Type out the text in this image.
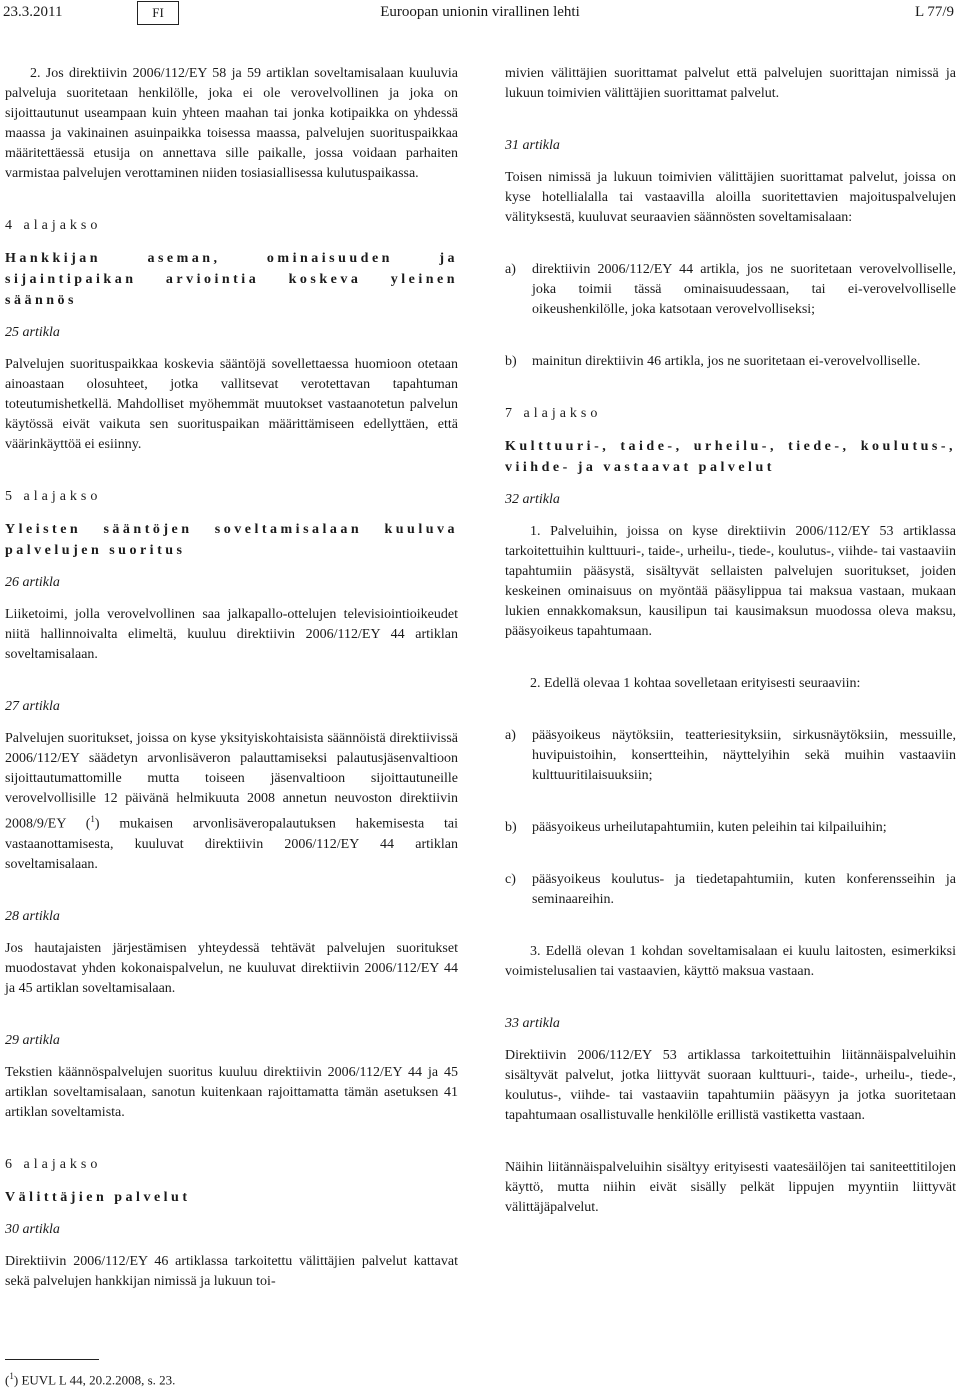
23.3.2011	FI	Euroopan unionin virallinen lehti	L 77/9

2. Jos direktiivin 2006/112/EY 58 ja 59 artiklan soveltamisalaan kuuluvia palveluja suoritetaan henkilölle, joka ei ole verovelvollinen ja joka on sijoittautunut useampaan kuin yhteen maahan tai jonka kotipaikka on yhdessä maassa ja vakinainen asuinpaikka toisessa maassa, palvelujen suorituspaikkaa määritettäessä etusija on annettava sille paikalle, jossa voidaan parhaiten varmistaa palvelujen verottaminen niiden tosiasiallisessa kulutuspaikassa.

4 alajakso

Hankkijan aseman, ominaisuuden ja sijaintipaikan arviointia koskeva yleinen säännös

25 artikla

Palvelujen suorituspaikkaa koskevia sääntöjä sovellettaessa huomioon otetaan ainoastaan olosuhteet, jotka vallitsevat verotettavan tapahtuman toteutumishetkellä. Mahdolliset myöhemmät muutokset vastaanotetun palvelun käytössä eivät vaikuta sen suorituspaikan määrittämiseen edellyttäen, että väärinkäyttöä ei esiinny.

5 alajakso

Yleisten sääntöjen soveltamisalaan kuuluva palvelujen suoritus

26 artikla

Liiketoimi, jolla verovelvollinen saa jalkapallo-ottelujen televisiointioikeudet niitä hallinnoivalta elimeltä, kuuluu direktiivin 2006/112/EY 44 artiklan soveltamisalaan.

27 artikla

Palvelujen suoritukset, joissa on kyse yksityiskohtaisista säännöistä direktiivissä 2006/112/EY säädetyn arvonlisäveron palauttamiseksi palautusjäsenvaltioon sijoittautumattomille mutta toiseen jäsenvaltioon sijoittautuneille verovelvollisille 12 päivänä helmikuuta 2008 annetun neuvoston direktiivin 2008/9/EY ($^1$) mukaisen arvonlisäveropalautuksen hakemisesta tai vastaanottamisesta, kuuluvat direktiivin 2006/112/EY 44 artiklan soveltamisalaan.

28 artikla

Jos hautajaisten järjestämisen yhteydessä tehtävät palvelujen suoritukset muodostavat yhden kokonaispalvelun, ne kuuluvat direktiivin 2006/112/EY 44 ja 45 artiklan soveltamisalaan.

29 artikla

Tekstien käännöspalvelujen suoritus kuuluu direktiivin 2006/112/EY 44 ja 45 artiklan soveltamisalaan, sanotun kuitenkaan rajoittamatta tämän asetuksen 41 artiklan soveltamista.

6 alajakso

Välittäjien palvelut

30 artikla

Direktiivin 2006/112/EY 46 artiklassa tarkoitettu välittäjien palvelut kattavat sekä palvelujen hankkijan nimissä ja lukuun toi-

mivien välittäjien suorittamat palvelut että palvelujen suorittajan nimissä ja lukuun toimivien välittäjien suorittamat palvelut.

31 artikla

Toisen nimissä ja lukuun toimivien välittäjien suorittamat palvelut, joissa on kyse hotellialalla tai vastaavilla aloilla suoritettavien majoituspalvelujen välityksestä, kuuluvat seuraavien säännösten soveltamisalaan:

a)	direktiivin 2006/112/EY 44 artikla, jos ne suoritetaan verovelvolliselle, joka toimii tässä ominaisuudessaan, tai ei-verovelvolliselle oikeushenkilölle, joka katsotaan verovelvolliseksi;
b)	mainitun direktiivin 46 artikla, jos ne suoritetaan ei-verovelvolliselle.

7 alajakso

Kulttuuri-, taide-, urheilu-, tiede-, koulutus-, viihde- ja vastaavat palvelut

32 artikla

1. Palveluihin, joissa on kyse direktiivin 2006/112/EY 53 artiklassa tarkoitettuihin kulttuuri-, taide-, urheilu-, tiede-, koulutus-, viihde- tai vastaaviin tapahtumiin pääsystä, sisältyvät sellaisten palvelujen suoritukset, joiden keskeinen ominaisuus on myöntää pääsylippua tai maksua vastaan, mukaan lukien ennakkomaksun, kausilipun tai kausimaksun muodossa oleva maksu, pääsyoikeus tapahtumaan.

2. Edellä olevaa 1 kohtaa sovelletaan erityisesti seuraaviin:

a)	pääsyoikeus näytöksiin, teatteriesityksiin, sirkusnäytöksiin, messuille, huvipuistoihin, konsertteihin, näyttelyihin sekä muihin vastaaviin kulttuuritilaisuuksiin;
b)	pääsyoikeus urheilutapahtumiin, kuten peleihin tai kilpailuihin;
c)	pääsyoikeus koulutus- ja tiedetapahtumiin, kuten konferensseihin ja seminaareihin.

3. Edellä olevan 1 kohdan soveltamisalaan ei kuulu laitosten, esimerkiksi voimistelusalien tai vastaavien, käyttö maksua vastaan.

33 artikla

Direktiivin 2006/112/EY 53 artiklassa tarkoitettuihin liitännäispalveluihin sisältyvät palvelut, jotka liittyvät suoraan kulttuuri-, taide-, urheilu-, tiede-, koulutus-, viihde- tai vastaaviin tapahtumiin pääsyyn ja jotka suoritetaan tapahtumaan osallistuvalle henkilölle erillistä vastiketta vastaan.

Näihin liitännäispalveluihin sisältyy erityisesti vaatesäilöjen tai saniteettitilojen käyttö, mutta niihin eivät sisälly pelkät lippujen myyntiin liittyvät välittäjäpalvelut.

($^1$) EUVL L 44, 20.2.2008, s. 23.
